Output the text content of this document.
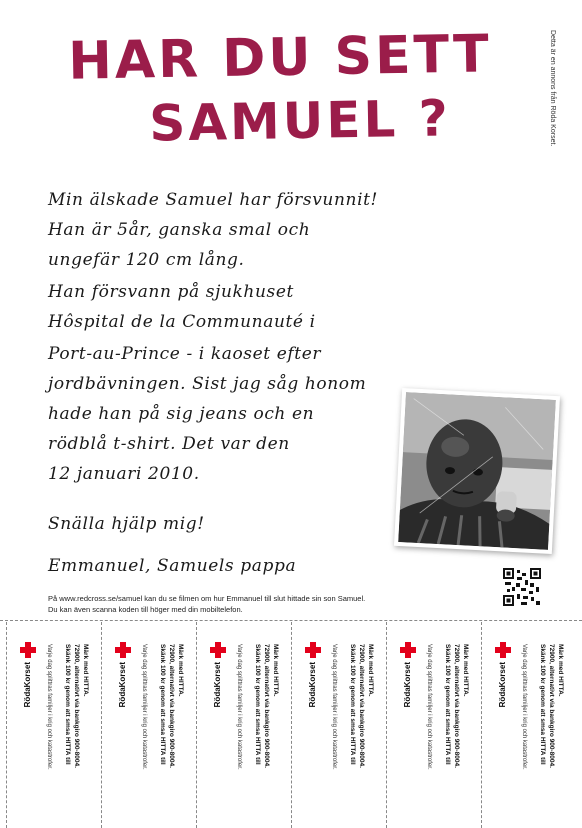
HAR DU SETT
SAMUEL ?	Detta är en annons från Röda Korset.
Min älskade Samuel har försvunnit!
Han är 5år, ganska smal och
ungefär 120 cm lång.
Han försvann på sjukhuset
Hôspital de la Communauté i
Port-au-Prince - i kaoset efter
jordbävningen. Sist jag såg honom
hade han på sig jeans och en
rödblå t-shirt. Det var den
12 januari 2010.
Snälla hjälp mig!
Emmanuel, Samuels pappa
På www.redcross.se/samuel kan du se filmen om hur Emmanuel till slut hittade sin son Samuel.
Du kan även scanna koden till höger med din mobiltelefon.
RödaKorset Varje dag splittras familjer i krig och katastrofer. Skänk 100 kr genom att smsa HITTA till 72900, alternativt via bankgiro 900-8004. Märk med HITTA.	RödaKorset Varje dag splittras familjer i krig och katastrofer. Skänk 100 kr genom att smsa HITTA till 72900, alternativt via bankgiro 900-8004. Märk med HITTA.	RödaKorset Varje dag splittras familjer i krig och katastrofer. Skänk 100 kr genom att smsa HITTA till 72900, alternativt via bankgiro 900-8004. Märk med HITTA.	RödaKorset Varje dag splittras familjer i krig och katastrofer. Skänk 100 kr genom att smsa HITTA till 72900, alternativt via bankgiro 900-8004. Märk med HITTA.	RödaKorset Varje dag splittras familjer i krig och katastrofer. Skänk 100 kr genom att smsa HITTA till 72900, alternativt via bankgiro 900-8004. Märk med HITTA.	RödaKorset Varje dag splittras familjer i krig och katastrofer. Skänk 100 kr genom att smsa HITTA till 72900, alternativt via bankgiro 900-8004. Märk med HITTA.
